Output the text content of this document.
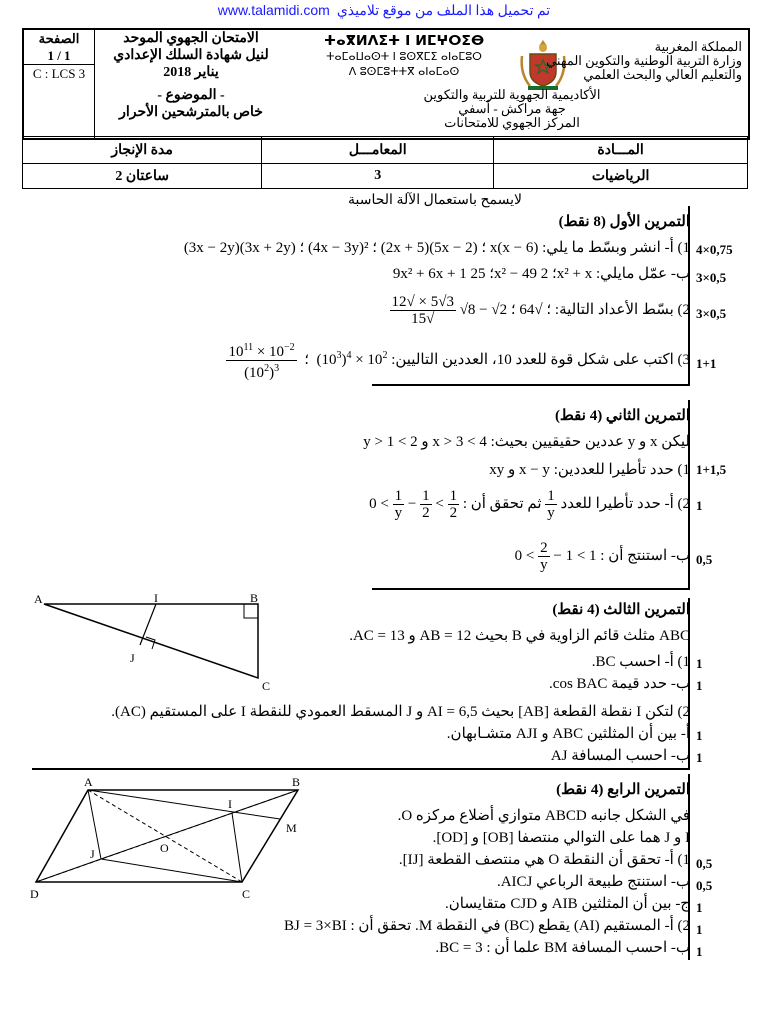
www.talamidi.com تم تحميل هذا الملف من موقع تلاميذي
الصفحة
1 / 1
C : LCS 3
الامتحان الجهوي الموحد
لنيل شهادة السلك الإعدادي
يناير 2018
- الموضوع -
خاص بالمترشحين الأحرار
ⵜⴰⴳⵍⴷⵉⵜ ⵏ ⵍⵎⵖⵔⵉⴱ
ⵜⴰⵎⴰⵡⴰⵙⵜ ⵏ ⵓⵙⴳⵎⵉ ⴰⵏⴰⵎⵓⵔ
ⴷ ⵓⵙⵎⵓⵜⵜⴳ ⴰⵏⴰⵎⴰⵙ
المملكة المغربية
وزارة التربية الوطنية والتكوين المهني
والتعليم العالي والبحث العلمي
الأكاديمية الجهوية للتربية والتكوين
جهة مراكش - أسفي
المركز الجهوي للامتحانات
مدة الإنجاز	المعامـــل	المـــادة
ساعتان 2	3	الرياضيات
لايسمح باستعمال الآلة الحاسبة
التمرين الأول (8 نقط)
1) أ- انشر وبسّط ما يلي: (3x − 2y)(3x + 2y) ؛ (4x − 3y)² ؛ (2x + 5)(5x − 2) ؛ x(x − 6)	4×0,75
ب- عمّل مايلي: 9x² + 6x + 1 ؛ 25x² − 49 ؛ 2x² + x	3×0,5
2) بسّط الأعداد التالية: √8 − √2 ؛ √64 ؛
$\frac{3√5 \times √12}{√15}$	3×0,5
3) اكتب على شكل قوة للعدد 10، العددين التاليين: $(10^3)^4 \times 10^2$  ؛
$\frac{10^{11} \times 10^{-2}}{(10^2)^3}$	1+1
التمرين الثاني (4 نقط)
ليكن x و y عددين حقيقيين بحيث: 4 > x > 3 و 2 > y > 1
1) حدد تأطيرا للعددين: x − y و xy 1+1,5
2) أ- حدد تأطيرا للعدد
$\frac{1}{y}$
ثم تحقق أن : $0 < \frac{1}{y} - \frac{1}{2} < \frac{1}{2}$	1
ب- استنتج أن : $0 < \frac{2}{y} - 1 < 1$	0,5
A	B
C
I
J
التمرين الثالث (4 نقط)
ABC مثلث قائم الزاوية في B بحيث AB = 12 و AC = 13.
1) أ- احسب BC. 1
ب- حدد قيمة cos BAC. 1
2) لتكن I نقطة القطعة [AB] بحيث AI = 6,5 و J المسقط العمودي للنقطة I على المستقيم (AC).
أ- بين أن المثلثين ABC و AJI متشـابهان. 1
ب- احسب المسافة AJ 1
A	B
C
D
I
J
M
O
التمرين الرابع (4 نقط)
في الشكل جانبه ABCD متوازي أضلاع مركزه O.
I و J هما على التوالي منتصفا [OB] و [OD].
1) أ- تحقق أن النقطة O هي منتصف القطعة [IJ]. 0,5
ب- استنتج طبيعة الرباعي AICJ. 0,5
ج- بين أن المثلثين AIB و CJD متقايسان. 1
2) أ- المستقيم (AI) يقطع (BC) في النقطة M. تحقق أن : BJ = 3×BI 1
ب- احسب المسافة BM علما أن : BC = 3. 1
